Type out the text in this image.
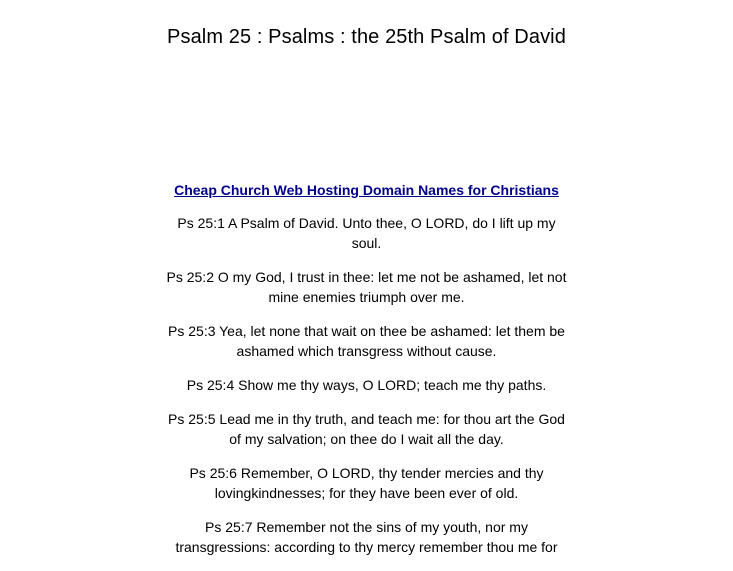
Psalm 25 : Psalms : the 25th Psalm of David
Cheap Church Web Hosting Domain Names for Christians

Ps 25:1 A Psalm of David. Unto thee, O LORD, do I lift up my soul.

Ps 25:2 O my God, I trust in thee: let me not be ashamed, let not mine enemies triumph over me.

Ps 25:3 Yea, let none that wait on thee be ashamed: let them be ashamed which transgress without cause.

Ps 25:4 Show me thy ways, O LORD; teach me thy paths.

Ps 25:5 Lead me in thy truth, and teach me: for thou art the God of my salvation; on thee do I wait all the day.

Ps 25:6 Remember, O LORD, thy tender mercies and thy lovingkindnesses; for they have been ever of old.

Ps 25:7 Remember not the sins of my youth, nor my transgressions: according to thy mercy remember thou me for
